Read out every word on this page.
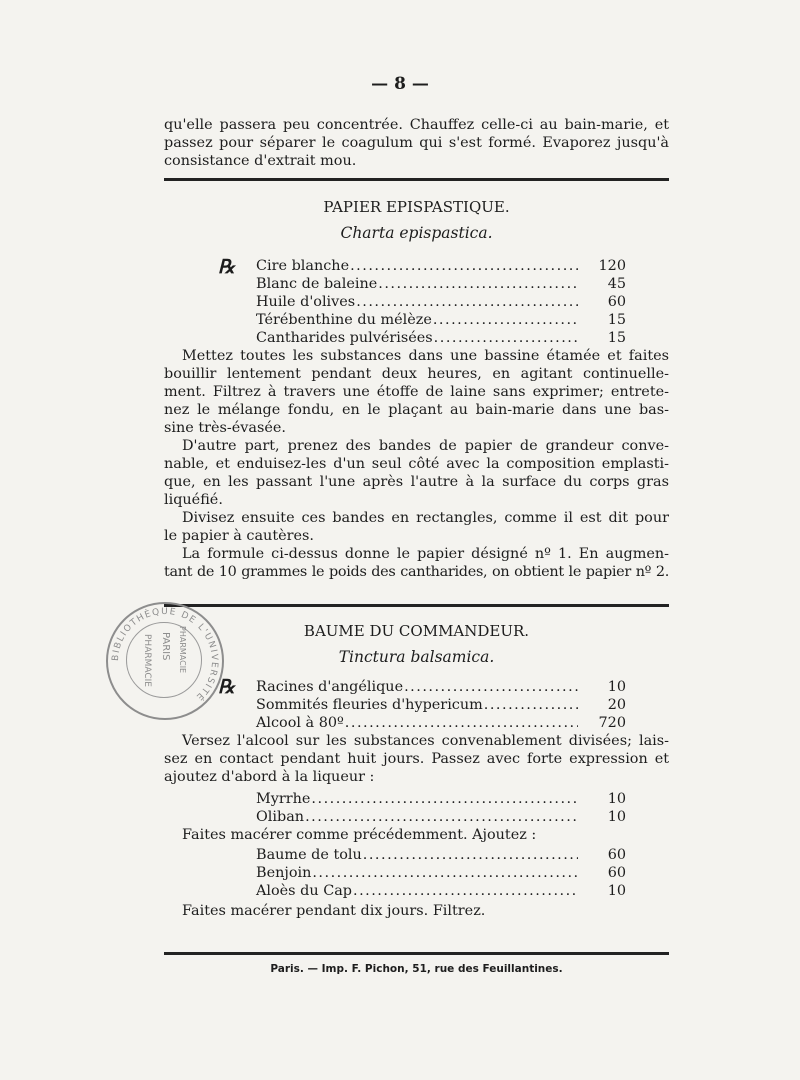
— 8 —
qu'elle passera peu concentrée. Chauffez celle-ci au bain-marie, et
passez pour séparer le coagulum qui s'est formé. Evaporez jusqu'à
consistance d'extrait mou.
PAPIER EPISPASTIQUE.
Charta epispastica.
℞ Cire blanche .....	120
Blanc de baleine .....	45
Huile d'olives .....	60
Térébenthine du mélèze .....	15
Cantharides pulvérisées .....	15
Mettez toutes les substances dans une bassine étamée et faites
bouillir lentement pendant deux heures, en agitant continuelle-
ment. Filtrez à travers une étoffe de laine sans exprimer; entrete-
nez le mélange fondu, en le plaçant au bain-marie dans une bas-
sine très-évasée.
D'autre part, prenez des bandes de papier de grandeur conve-
nable, et enduisez-les d'un seul côté avec la composition emplasti-
que, en les passant l'une après l'autre à la surface du corps gras
liquéfié.
Divisez ensuite ces bandes en rectangles, comme il est dit pour
le papier à cautères.
La formule ci-dessus donne le papier désigné nº 1. En augmen-
tant de 10 grammes le poids des cantharides, on obtient le papier nº 2.
BIBLIOTHÈQUE DE L'UNIVERSITÉ
PHARMACIE PARIS PHARMACIE	BAUME DU COMMANDEUR.
Tinctura balsamica.
℞ Racines d'angélique .....	10
Sommités fleuries d'hypericum .....	20
Alcool à 80º .....	720
Versez l'alcool sur les substances convenablement divisées; lais-
sez en contact pendant huit jours. Passez avec forte expression et
ajoutez d'abord à la liqueur :
Myrrhe .....	10
Oliban .....	10
Faites macérer comme précédemment. Ajoutez :
Baume de tolu .....	60
Benjoin .....	60
Aloès du Cap .....	10
Faites macérer pendant dix jours. Filtrez.
Paris. — Imp. F. Pichon, 51, rue des Feuillantines.
